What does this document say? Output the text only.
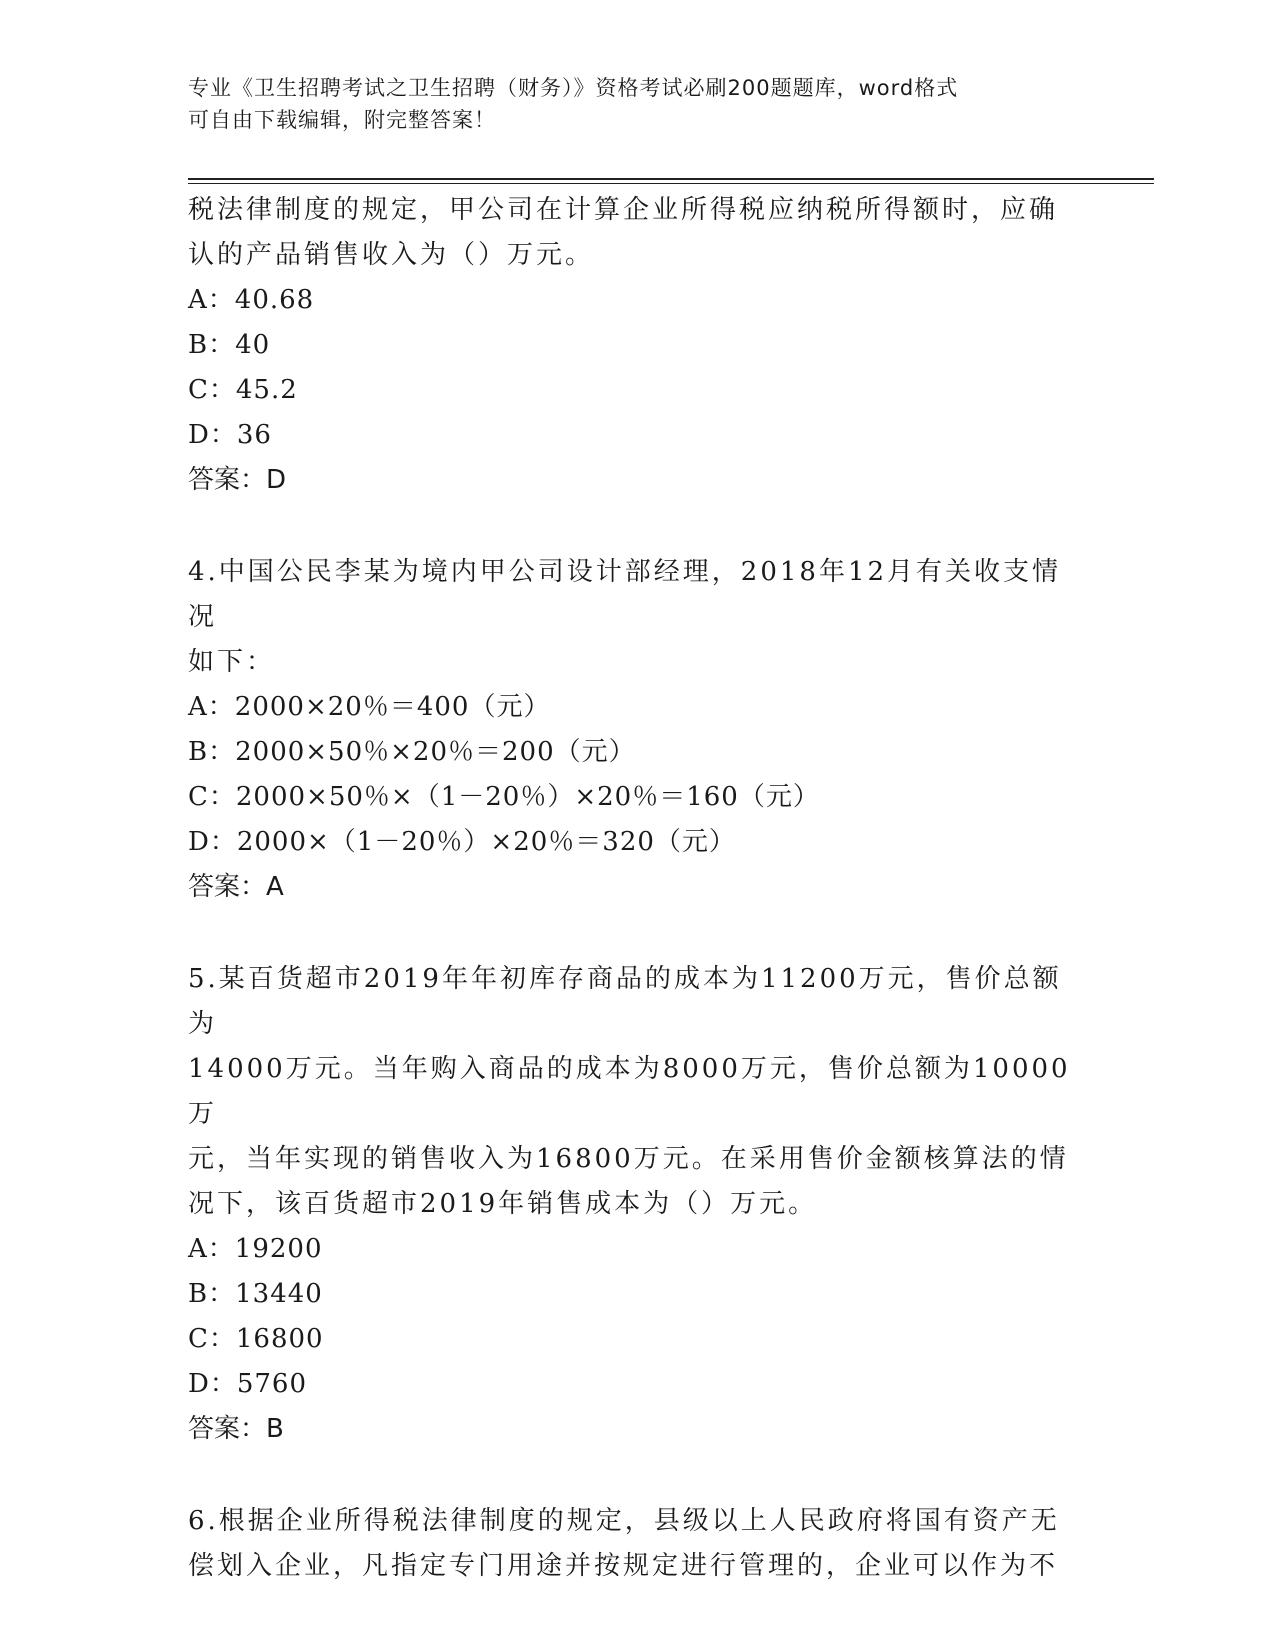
专业《卫生招聘考试之卫生招聘（财务）》资格考试必刷200题题库，word格式
可自由下载编辑，附完整答案！

税法律制度的规定，甲公司在计算企业所得税应纳税所得额时，应确

认的产品销售收入为（）万元。

A：40.68

B：40

C：45.2

D：36

答案：D

4.中国公民李某为境内甲公司设计部经理，2018年12月有关收支情况

如下：

A：2000×20％＝400（元）

B：2000×50％×20％＝200（元）

C：2000×50％×（1－20％）×20％＝160（元）

D：2000×（1－20％）×20％＝320（元）

答案：A

5.某百货超市2019年年初库存商品的成本为11200万元，售价总额为

14000万元。当年购入商品的成本为8000万元，售价总额为10000万

元，当年实现的销售收入为16800万元。在采用售价金额核算法的情

况下，该百货超市2019年销售成本为（）万元。

A：19200

B：13440

C：16800

D：5760

答案：B

6.根据企业所得税法律制度的规定，县级以上人民政府将国有资产无

偿划入企业，凡指定专门用途并按规定进行管理的，企业可以作为不
